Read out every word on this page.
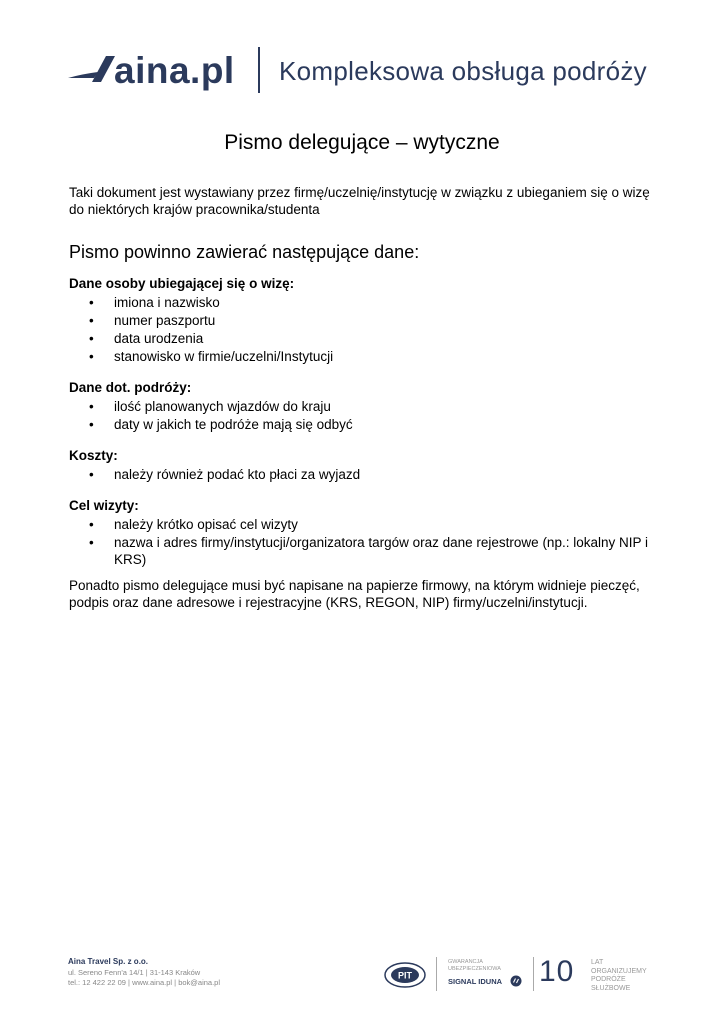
aina.pl Kompleksowa obsługa podróży
Pismo delegujące – wytyczne
Taki dokument jest wystawiany przez firmę/uczelnię/instytucję w związku z ubieganiem się o wizę do niektórych krajów pracownika/studenta
Pismo powinno zawierać następujące dane:
Dane osoby ubiegającej się o wizę:
• imiona i nazwisko
• numer paszportu
• data urodzenia
• stanowisko w firmie/uczelni/Instytucji
Dane dot. podróży:
• ilość planowanych wjazdów do kraju
• daty w jakich te podróże mają się odbyć
Koszty:
• należy również podać kto płaci za wyjazd
Cel wizyty:
• należy krótko opisać cel wizyty
• nazwa i adres firmy/instytucji/organizatora targów oraz dane rejestrowe (np.: lokalny NIP i KRS)
Ponadto pismo delegujące musi być napisane na papierze firmowy, na którym widnieje pieczęć, podpis oraz dane adresowe i rejestracyjne (KRS, REGON, NIP) firmy/uczelni/instytucji.
Aina Travel Sp. z o.o.
ul. Sereno Fenn'a 14/1 | 31-143 Kraków
tel.: 12 422 22 09 | www.aina.pl | bok@aina.pl
PIT
GWARANCJA
UBEZPIECZENIOWA
SIGNAL IDUNA 10 LAT
ORGANIZUJEMY
PODRÓŻE SŁUŻBOWE
